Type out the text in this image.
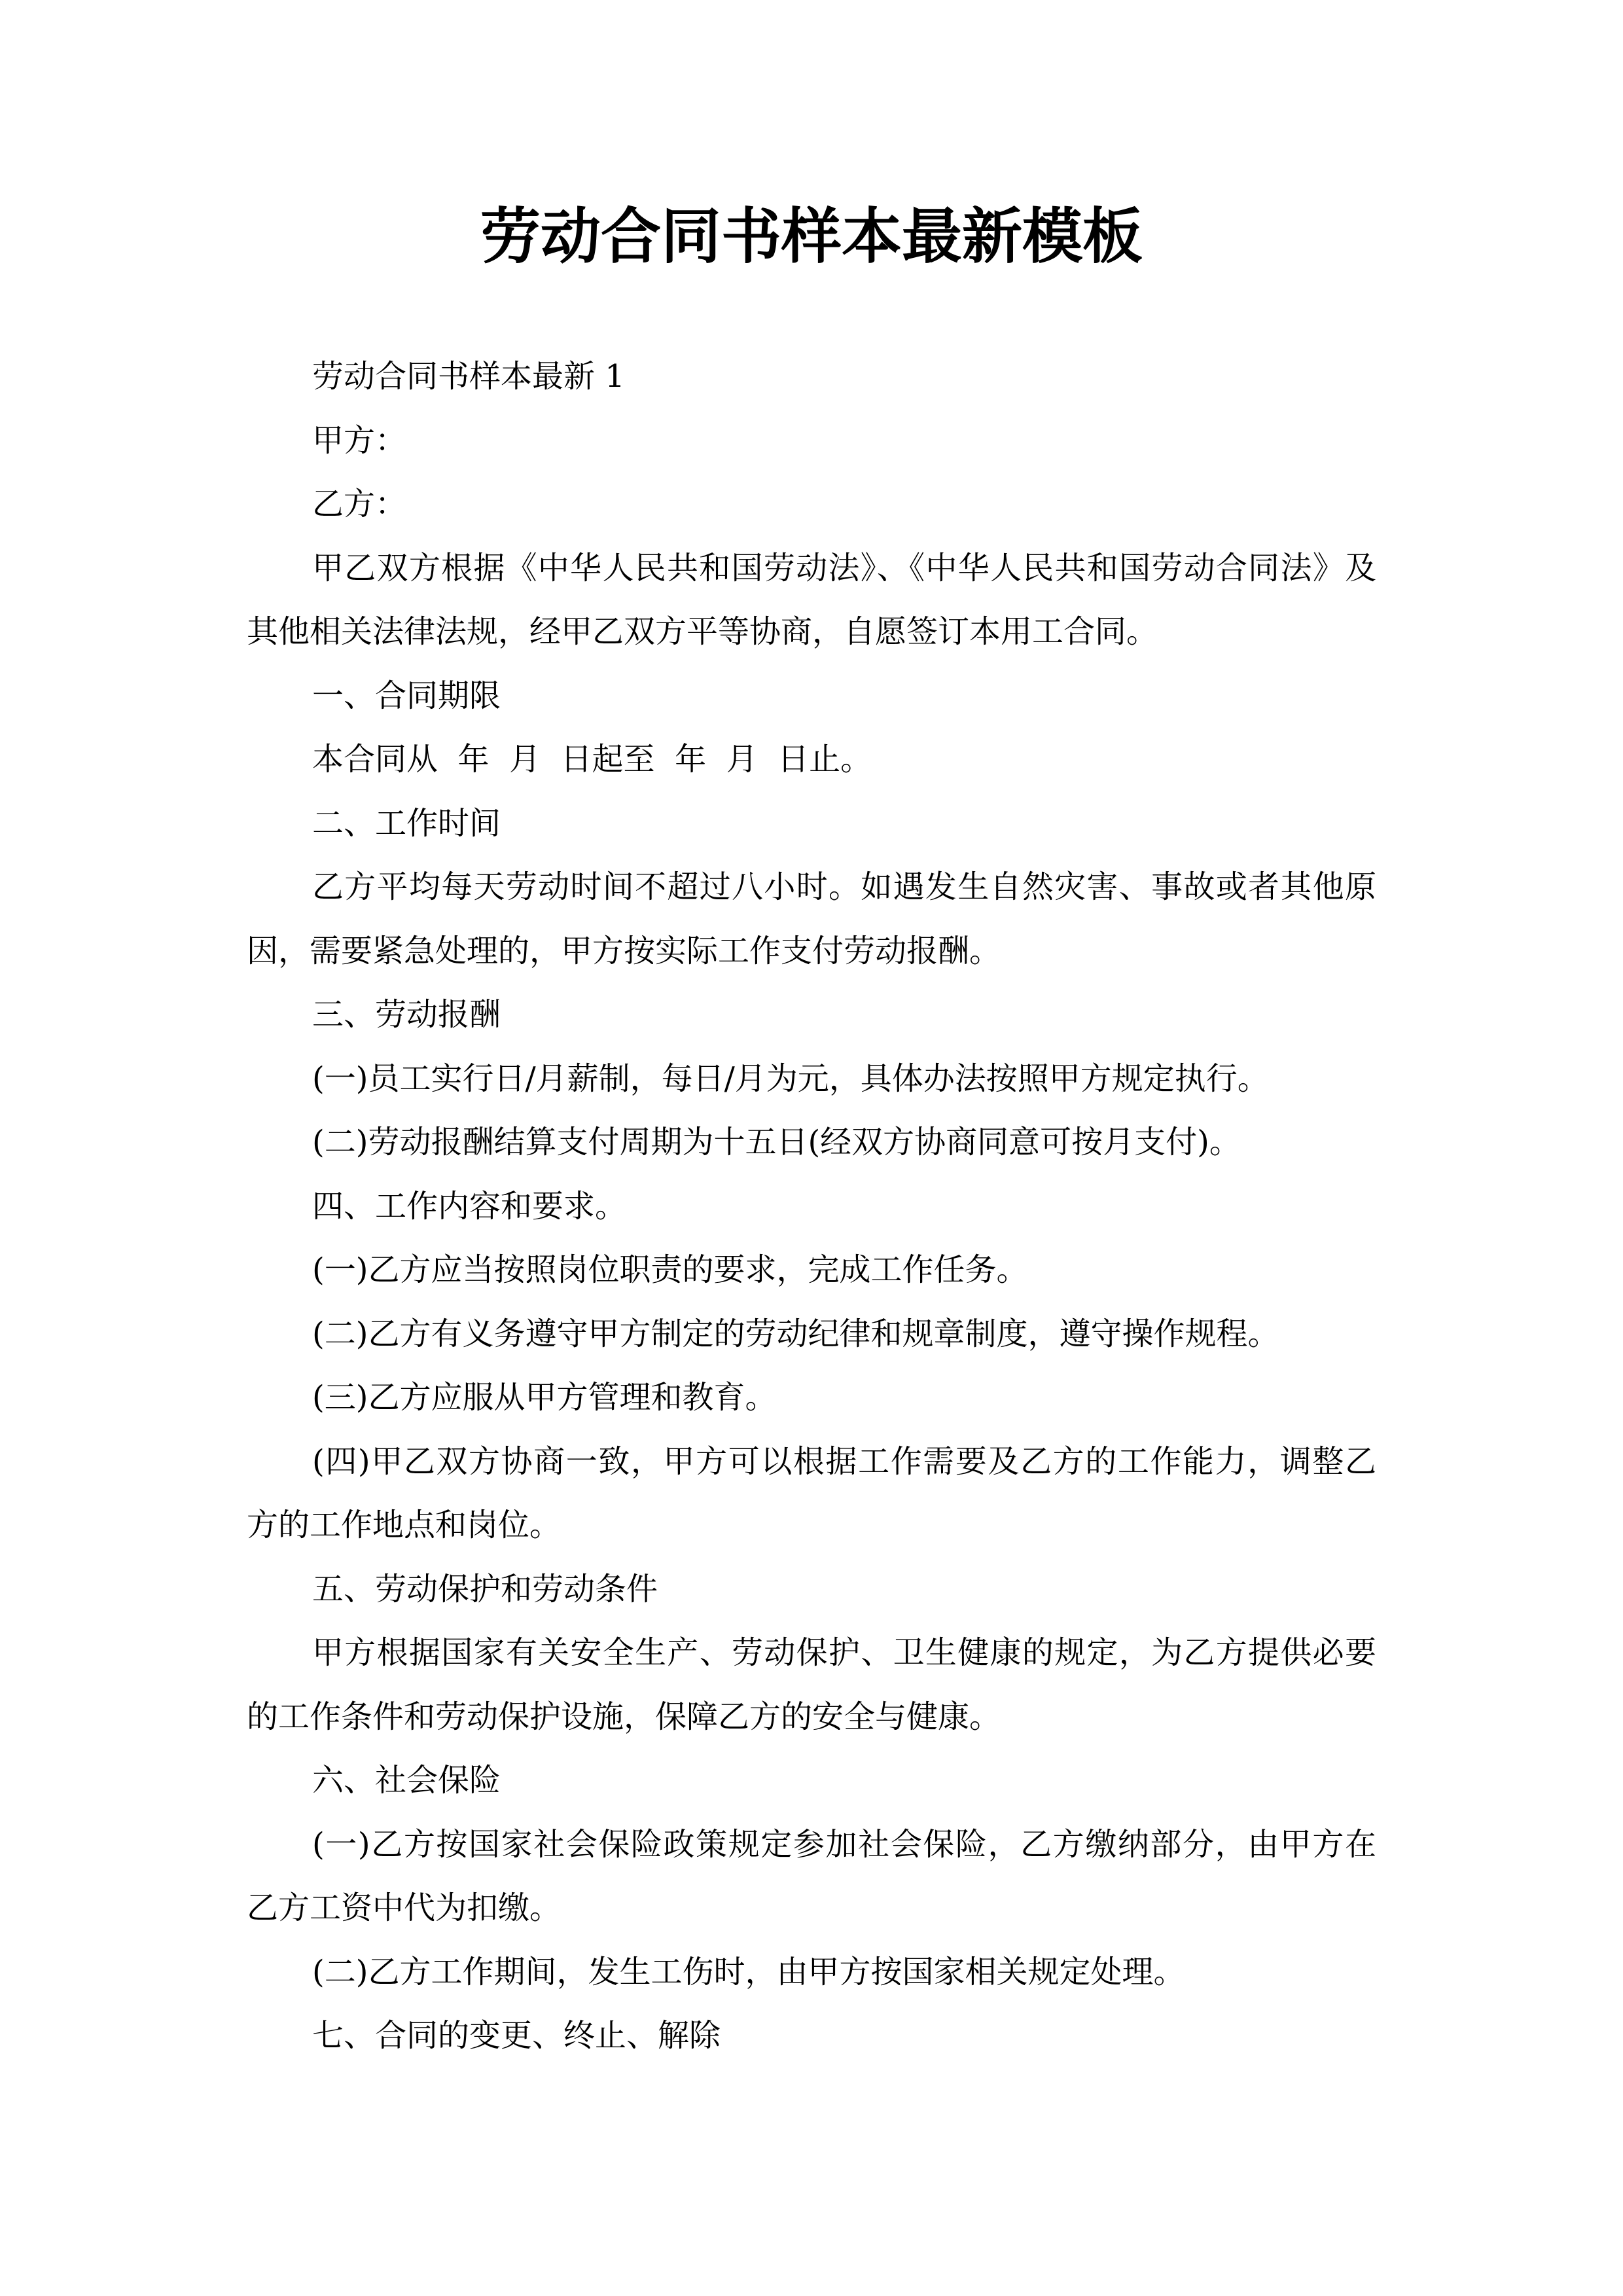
劳动合同书样本最新模板
劳动合同书样本最新 1
甲方：
乙方：
甲乙双方根据《中华人民共和国劳动法》、《中华人民共和国劳动合同法》及
其他相关法律法规，经甲乙双方平等协商，自愿签订本用工合同。
一、合同期限
本合同从  年  月  日起至  年  月  日止。
二、工作时间
乙方平均每天劳动时间不超过八小时。如遇发生自然灾害、事故或者其他原
因，需要紧急处理的，甲方按实际工作支付劳动报酬。
三、劳动报酬
(一)员工实行日/月薪制，每日/月为元，具体办法按照甲方规定执行。
(二)劳动报酬结算支付周期为十五日(经双方协商同意可按月支付)。
四、工作内容和要求。
(一)乙方应当按照岗位职责的要求，完成工作任务。
(二)乙方有义务遵守甲方制定的劳动纪律和规章制度，遵守操作规程。
(三)乙方应服从甲方管理和教育。
(四)甲乙双方协商一致，甲方可以根据工作需要及乙方的工作能力，调整乙
方的工作地点和岗位。
五、劳动保护和劳动条件
甲方根据国家有关安全生产、劳动保护、卫生健康的规定，为乙方提供必要
的工作条件和劳动保护设施，保障乙方的安全与健康。
六、社会保险
(一)乙方按国家社会保险政策规定参加社会保险，乙方缴纳部分，由甲方在
乙方工资中代为扣缴。
(二)乙方工作期间，发生工伤时，由甲方按国家相关规定处理。
七、合同的变更、终止、解除
